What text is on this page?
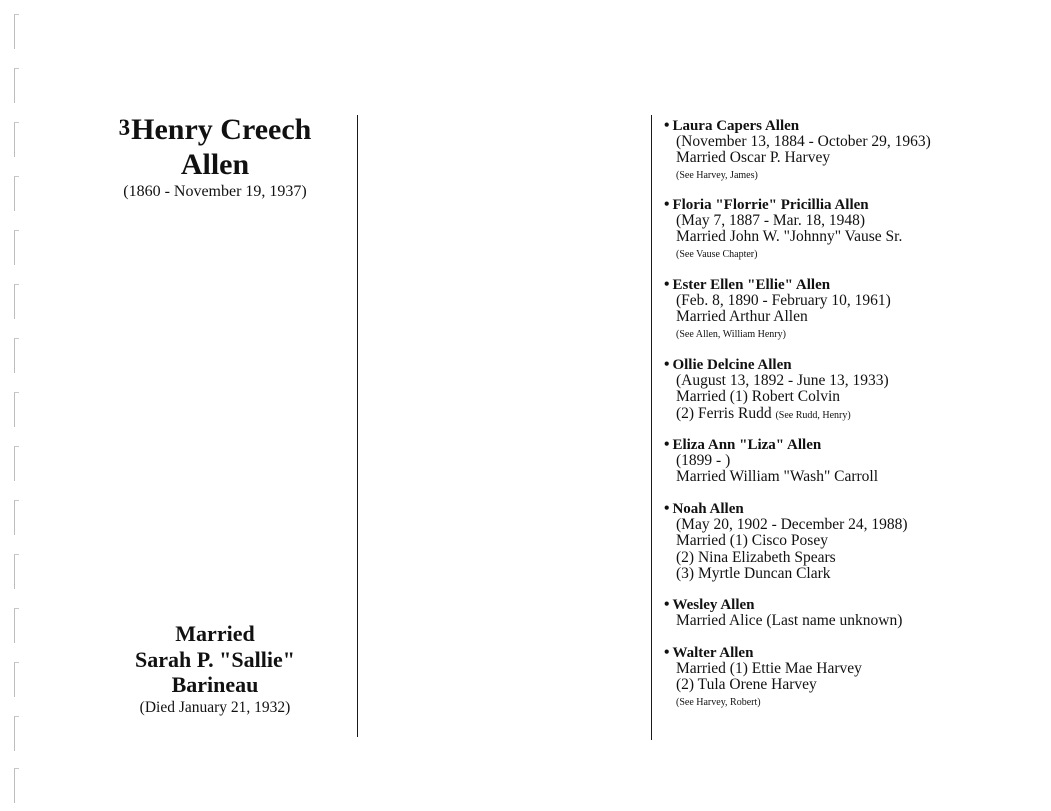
$^3$Henry Creech
Allen
(1860 - November 19, 1937)
Married
Sarah P. "Sallie"
Barineau
(Died January 21, 1932)
• Laura Capers Allen
(November 13, 1884 - October 29, 1963)
Married Oscar P. Harvey
(See Harvey, James)
• Floria "Florrie" Pricillia Allen
(May 7, 1887 - Mar. 18, 1948)
Married John W. "Johnny" Vause Sr.
(See Vause Chapter)
• Ester Ellen "Ellie" Allen
(Feb. 8, 1890 - February 10, 1961)
Married Arthur Allen
(See Allen, William Henry)
• Ollie Delcine Allen
(August 13, 1892 - June 13, 1933)
Married (1) Robert Colvin
(2) Ferris Rudd (See Rudd, Henry)
• Eliza Ann "Liza" Allen
(1899 - )
Married William "Wash" Carroll
• Noah Allen
(May 20, 1902 - December 24, 1988)
Married (1) Cisco Posey
(2) Nina Elizabeth Spears
(3) Myrtle Duncan Clark
• Wesley Allen
Married Alice (Last name unknown)
• Walter Allen
Married (1) Ettie Mae Harvey
(2) Tula Orene Harvey
(See Harvey, Robert)
